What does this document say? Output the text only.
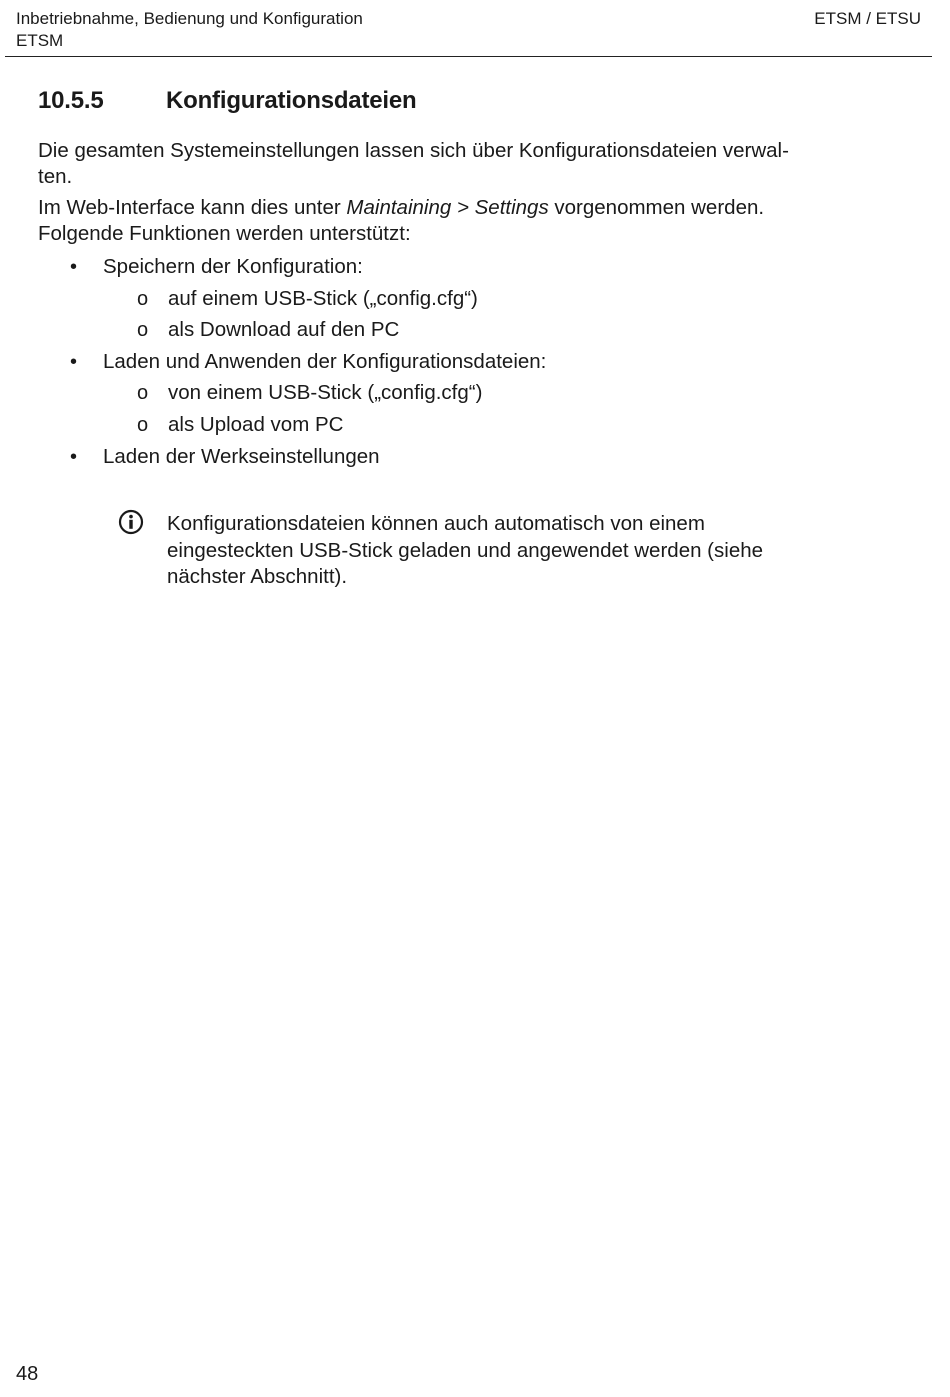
Inbetriebnahme, Bedienung und Konfiguration
ETSM
ETSM / ETSU
10.5.5	Konfigurationsdateien
Die gesamten Systemeinstellungen lassen sich über Konfigurationsdateien verwal-
ten.
Im Web-Interface kann dies unter Maintaining > Settings vorgenommen werden.
Folgende Funktionen werden unterstützt:
• Speichern der Konfiguration:
o auf einem USB-Stick („config.cfg“)
o als Download auf den PC
• Laden und Anwenden der Konfigurationsdateien:
o von einem USB-Stick („config.cfg“)
o als Upload vom PC
• Laden der Werkseinstellungen
Konfigurationsdateien können auch automatisch von einem
eingesteckten USB-Stick geladen und angewendet werden (siehe
nächster Abschnitt).
48
